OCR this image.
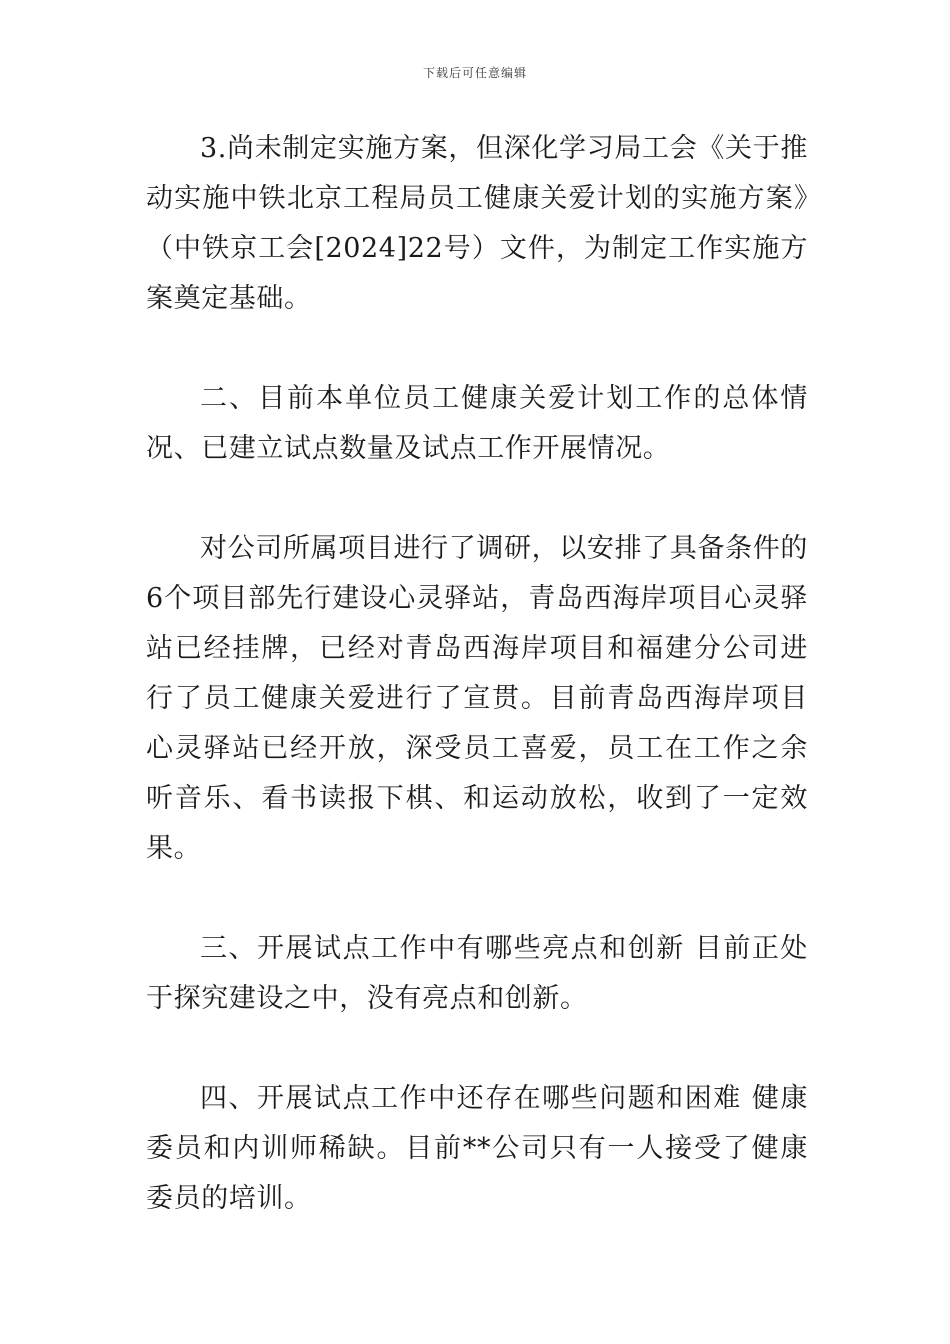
下载后可任意编辑

3.尚未制定实施方案，但深化学习局工会《关于推动实施中铁北京工程局员工健康关爱计划的实施方案》（中铁京工会[2024]22号）文件，为制定工作实施方案奠定基础。

二、目前本单位员工健康关爱计划工作的总体情况、已建立试点数量及试点工作开展情况。

对公司所属项目进行了调研，以安排了具备条件的6个项目部先行建设心灵驿站，青岛西海岸项目心灵驿站已经挂牌，已经对青岛西海岸项目和福建分公司进行了员工健康关爱进行了宣贯。目前青岛西海岸项目心灵驿站已经开放，深受员工喜爱，员工在工作之余听音乐、看书读报下棋、和运动放松，收到了一定效果。

三、开展试点工作中有哪些亮点和创新 目前正处于探究建设之中，没有亮点和创新。

四、开展试点工作中还存在哪些问题和困难 健康委员和内训师稀缺。目前**公司只有一人接受了健康委员的培训。
